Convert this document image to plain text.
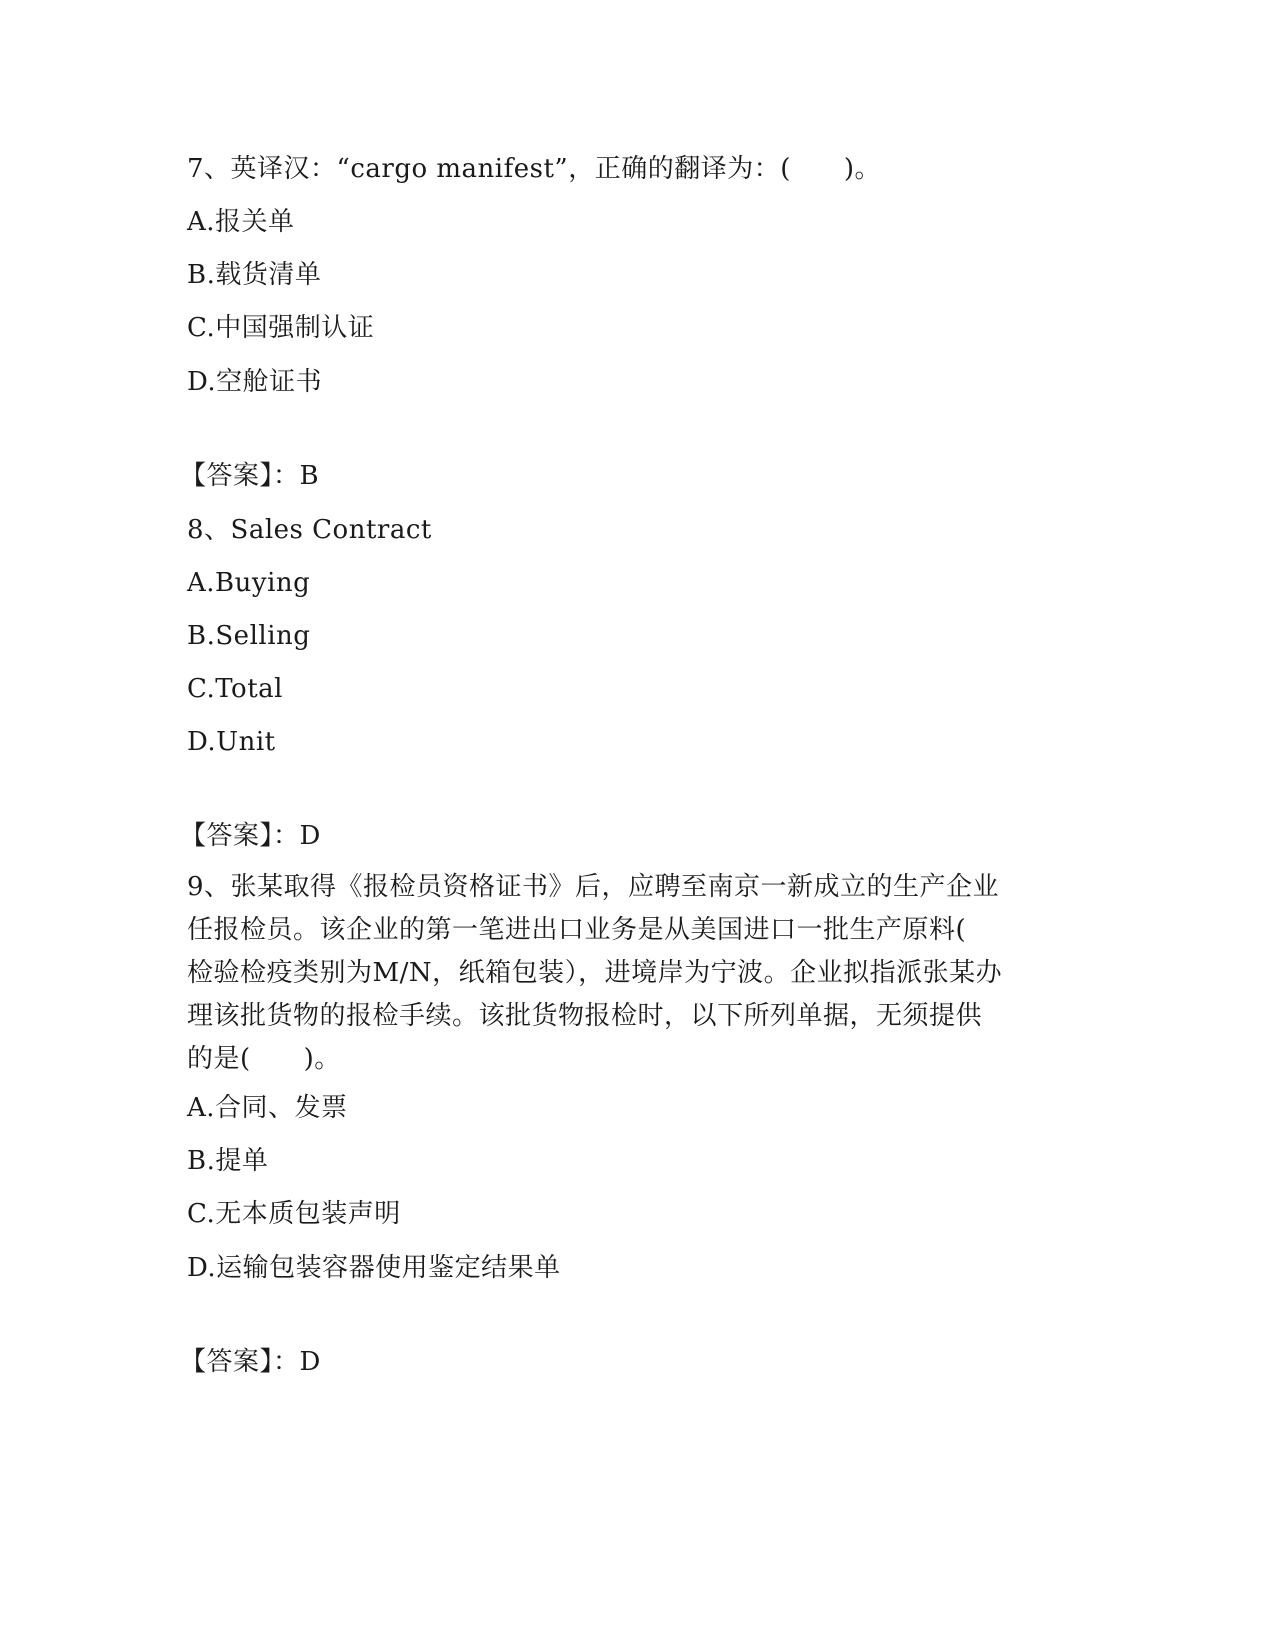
7、英译汉：“cargo manifest”，正确的翻译为：(　　)。
A.报关单
B.载货清单
C.中国强制认证
D.空舱证书
【答案】：B
8、Sales Contract
A.Buying
B.Selling
C.Total
D.Unit
【答案】：D
9、张某取得《报检员资格证书》后，应聘至南京一新成立的生产企业
任报检员。该企业的第一笔进出口业务是从美国进口一批生产原料(
检验检疫类别为M/N，纸箱包装），进境岸为宁波。企业拟指派张某办
理该批货物的报检手续。该批货物报检时，以下所列单据，无须提供
的是(　　)。
A.合同、发票
B.提单
C.无本质包装声明
D.运输包装容器使用鉴定结果单
【答案】：D
